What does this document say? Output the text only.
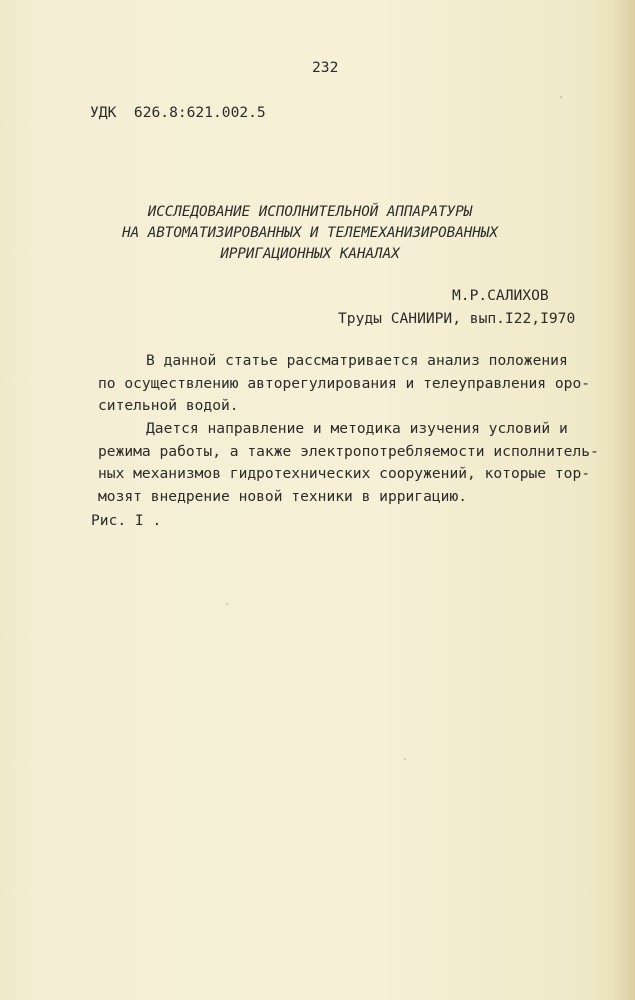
232
УДК  626.8:621.002.5
ИССЛЕДОВАНИЕ ИСПОЛНИТЕЛЬНОЙ АППАРАТУРЫ
НА АВТОМАТИЗИРОВАННЫХ И ТЕЛЕМЕХАНИЗИРОВАННЫХ
ИРРИГАЦИОННЫХ КАНАЛАХ
М.Р.САЛИХОВ
Труды САНИИРИ, вып.I22,I970
В данной статье рассматривается анализ положения
по осуществлению авторегулирования и телеуправления оро-
сительной водой.
Дается направление и методика изучения условий и
режима работы, а также электропотребляемости исполнитель-
ных механизмов гидротехнических сооружений, которые тор-
мозят внедрение новой техники в ирригацию.
Рис. I .
